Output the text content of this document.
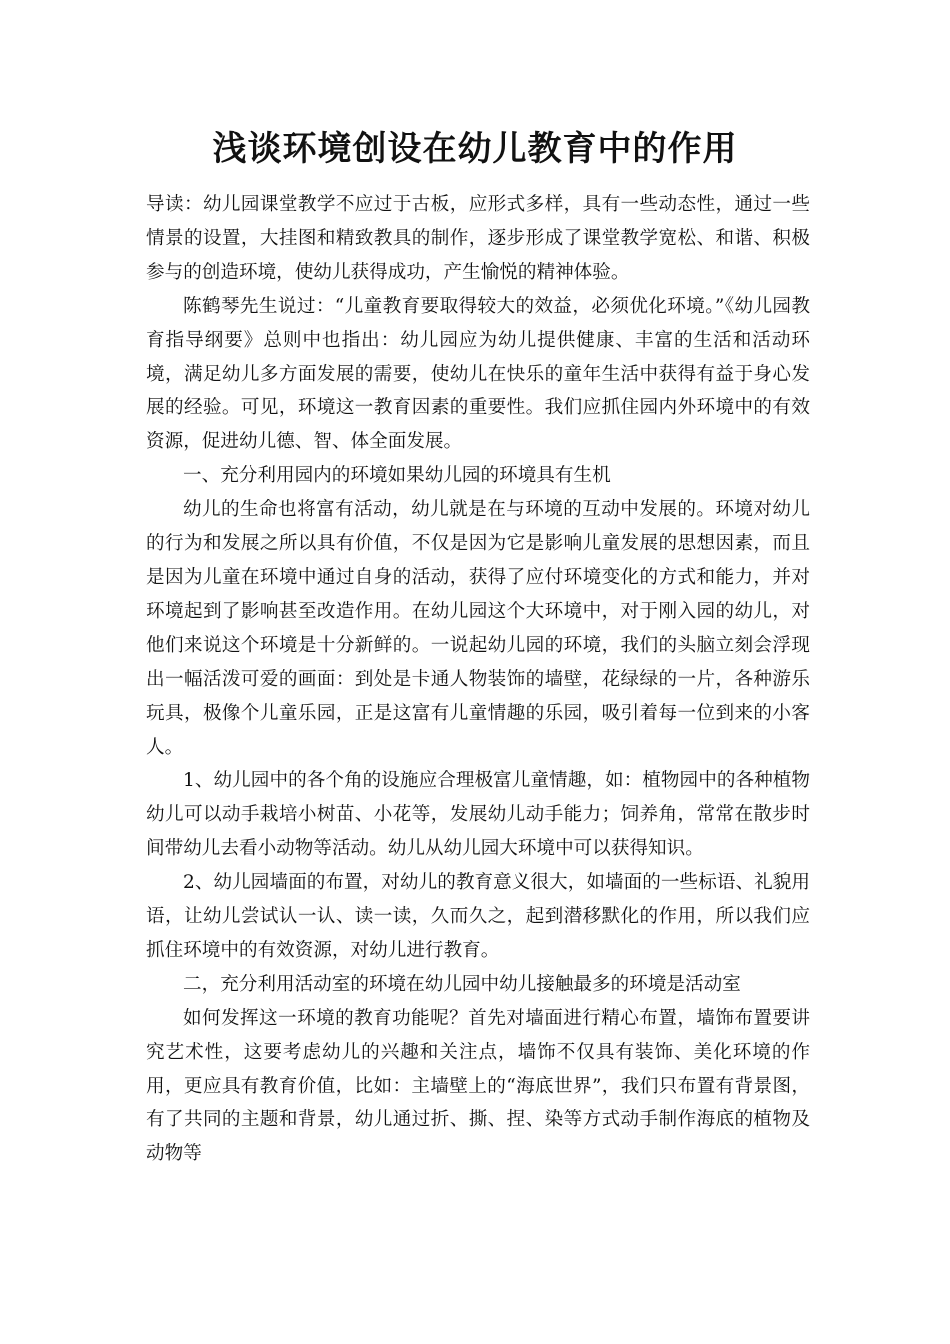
浅谈环境创设在幼儿教育中的作用

导读：幼儿园课堂教学不应过于古板，应形式多样，具有一些动态性，通过一些情景的设置，大挂图和精致教具的制作，逐步形成了课堂教学宽松、和谐、积极参与的创造环境，使幼儿获得成功，产生愉悦的精神体验。

陈鹤琴先生说过：“儿童教育要取得较大的效益，必须优化环境。”《幼儿园教育指导纲要》总则中也指出：幼儿园应为幼儿提供健康、丰富的生活和活动环境，满足幼儿多方面发展的需要，使幼儿在快乐的童年生活中获得有益于身心发展的经验。可见，环境这一教育因素的重要性。我们应抓住园内外环境中的有效资源，促进幼儿德、智、体全面发展。

一、充分利用园内的环境如果幼儿园的环境具有生机

幼儿的生命也将富有活动，幼儿就是在与环境的互动中发展的。环境对幼儿的行为和发展之所以具有价值，不仅是因为它是影响儿童发展的思想因素，而且是因为儿童在环境中通过自身的活动，获得了应付环境变化的方式和能力，并对环境起到了影响甚至改造作用。在幼儿园这个大环境中，对于刚入园的幼儿，对他们来说这个环境是十分新鲜的。一说起幼儿园的环境，我们的头脑立刻会浮现出一幅活泼可爱的画面：到处是卡通人物装饰的墙壁，花绿绿的一片，各种游乐玩具，极像个儿童乐园，正是这富有儿童情趣的乐园，吸引着每一位到来的小客人。

1、幼儿园中的各个角的设施应合理极富儿童情趣，如：植物园中的各种植物幼儿可以动手栽培小树苗、小花等，发展幼儿动手能力；饲养角，常常在散步时间带幼儿去看小动物等活动。幼儿从幼儿园大环境中可以获得知识。

2、幼儿园墙面的布置，对幼儿的教育意义很大，如墙面的一些标语、礼貌用语，让幼儿尝试认一认、读一读，久而久之，起到潜移默化的作用，所以我们应抓住环境中的有效资源，对幼儿进行教育。

二，充分利用活动室的环境在幼儿园中幼儿接触最多的环境是活动室

如何发挥这一环境的教育功能呢？首先对墙面进行精心布置，墙饰布置要讲究艺术性，这要考虑幼儿的兴趣和关注点，墙饰不仅具有装饰、美化环境的作用，更应具有教育价值，比如：主墙壁上的“海底世界”，我们只布置有背景图，有了共同的主题和背景，幼儿通过折、撕、捏、染等方式动手制作海底的植物及动物等
